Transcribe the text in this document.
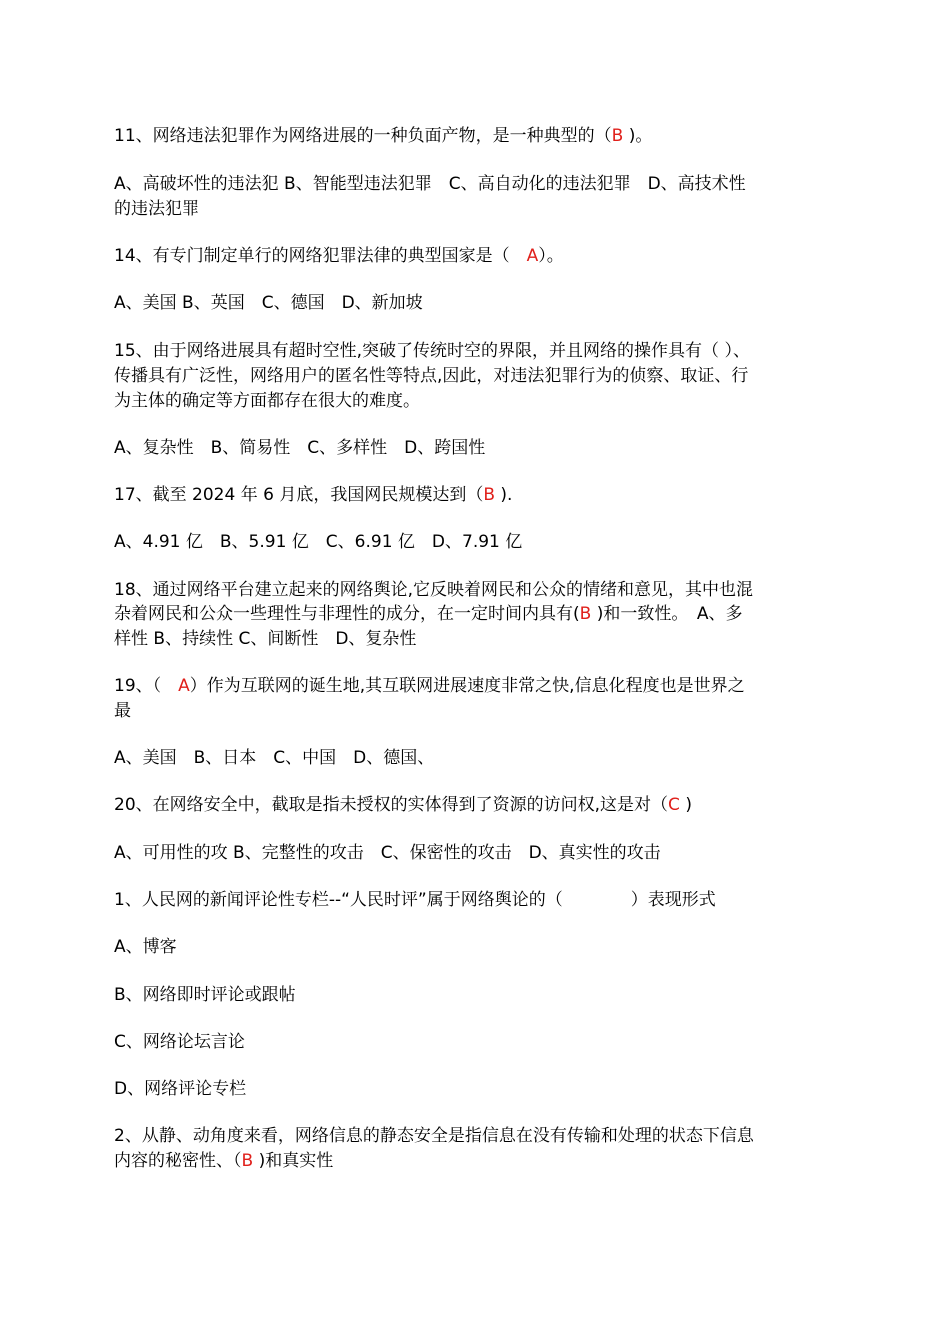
11、网络违法犯罪作为网络进展的一种负面产物，是一种典型的（B )。
A、高破坏性的违法犯 B、智能型违法犯罪　C、高自动化的违法犯罪　D、高技术性
的违法犯罪
14、有专门制定单行的网络犯罪法律的典型国家是（　A）。
A、美国 B、英国　C、德国　D、新加坡
15、由于网络进展具有超时空性,突破了传统时空的界限，并且网络的操作具有（ ）、
传播具有广泛性，网络用户的匿名性等特点,因此，对违法犯罪行为的侦察、取证、行
为主体的确定等方面都存在很大的难度。
A、复杂性　B、简易性　C、多样性　D、跨国性
17、截至 2024 年 6 月底，我国网民规模达到（B ).
A、4.91 亿　B、5.91 亿　C、6.91 亿　D、7.91 亿
18、通过网络平台建立起来的网络舆论,它反映着网民和公众的情绪和意见，其中也混
杂着网民和公众一些理性与非理性的成分，在一定时间内具有(B )和一致性。　A、多
样性 B、持续性 C、间断性　D、复杂性
19、（　A）作为互联网的诞生地,其互联网进展速度非常之快,信息化程度也是世界之
最
A、美国　B、日本　C、中国　D、德国、
20、在网络安全中，截取是指未授权的实体得到了资源的访问权,这是对（C )
A、可用性的攻 B、完整性的攻击　C、保密性的攻击　D、真实性的攻击
1、人民网的新闻评论性专栏--“人民时评”属于网络舆论的（　　　　）表现形式
A、博客
B、网络即时评论或跟帖
C、网络论坛言论
D、网络评论专栏
2、从静、动角度来看，网络信息的静态安全是指信息在没有传输和处理的状态下信息
内容的秘密性、（B )和真实性
